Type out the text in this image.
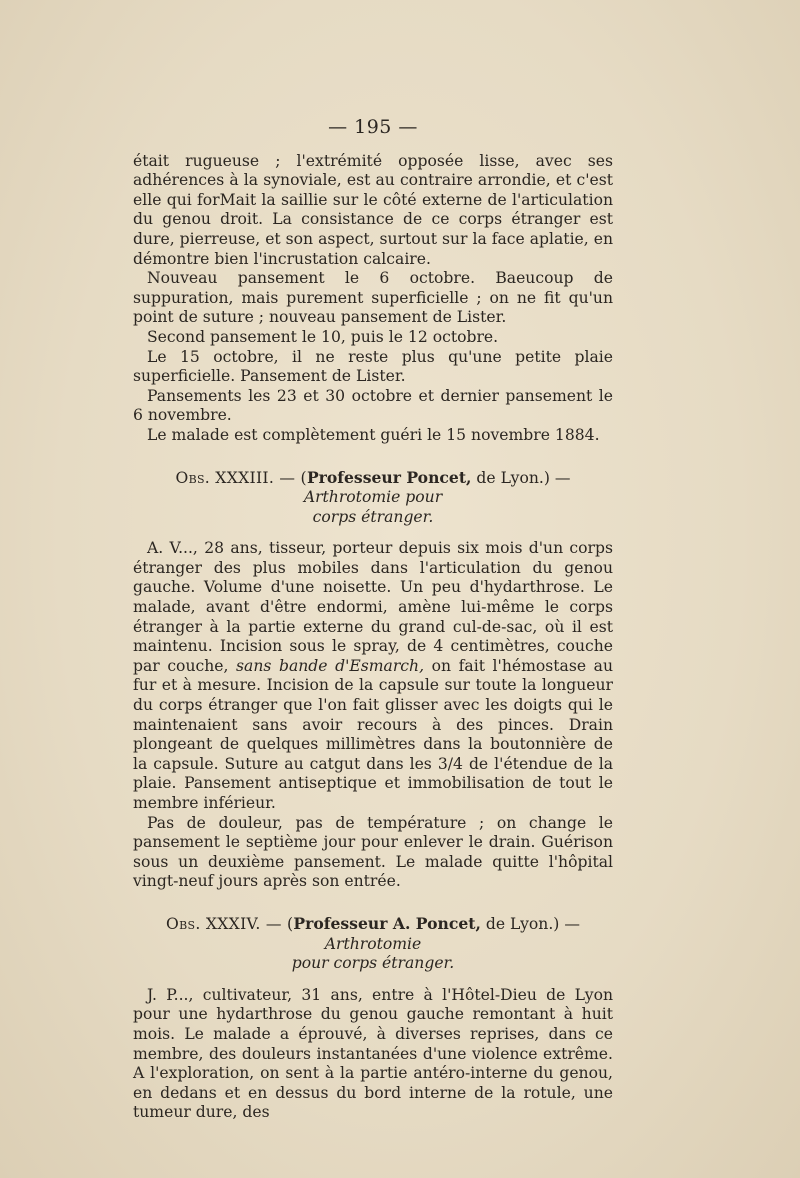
— 195 —

était rugueuse ; l'extrémité opposée lisse, avec ses adhérences à la synoviale, est au contraire arrondie, et c'est elle qui forMait la saillie sur le côté externe de l'articulation du genou droit. La consistance de ce corps étranger est dure, pierreuse, et son aspect, surtout sur la face aplatie, en démontre bien l'incrustation calcaire.

Nouveau pansement le 6 octobre. Baeucoup de suppuration, mais purement superficielle ; on ne fit qu'un point de suture ; nouveau pansement de Lister.

Second pansement le 10, puis le 12 octobre.

Le 15 octobre, il ne reste plus qu'une petite plaie superficielle. Pansement de Lister.

Pansements les 23 et 30 octobre et dernier pansement le 6 novembre.

Le malade est complètement guéri le 15 novembre 1884.

Obs. XXXIII. — (Professeur Poncet, de Lyon.) — Arthrotomie pour
corps étranger.

A. V..., 28 ans, tisseur, porteur depuis six mois d'un corps étranger des plus mobiles dans l'articulation du genou gauche. Volume d'une noisette. Un peu d'hydarthrose. Le malade, avant d'être endormi, amène lui-même le corps étranger à la partie externe du grand cul-de-sac, où il est maintenu. Incision sous le spray, de 4 centimètres, couche par couche, sans bande d'Esmarch, on fait l'hémostase au fur et à mesure. Incision de la capsule sur toute la longueur du corps étranger que l'on fait glisser avec les doigts qui le maintenaient sans avoir recours à des pinces. Drain plongeant de quelques millimètres dans la boutonnière de la capsule. Suture au catgut dans les 3/4 de l'étendue de la plaie. Pansement antiseptique et immobilisation de tout le membre inférieur.

Pas de douleur, pas de température ; on change le pansement le septième jour pour enlever le drain. Guérison sous un deuxième pansement. Le malade quitte l'hôpital vingt-neuf jours après son entrée.

Obs. XXXIV. — (Professeur A. Poncet, de Lyon.) — Arthrotomie
pour corps étranger.

J. P..., cultivateur, 31 ans, entre à l'Hôtel-Dieu de Lyon pour une hydarthrose du genou gauche remontant à huit mois. Le malade a éprouvé, à diverses reprises, dans ce membre, des douleurs instantanées d'une violence extrême. A l'exploration, on sent à la partie antéro-interne du genou, en dedans et en dessus du bord interne de la rotule, une tumeur dure, des
